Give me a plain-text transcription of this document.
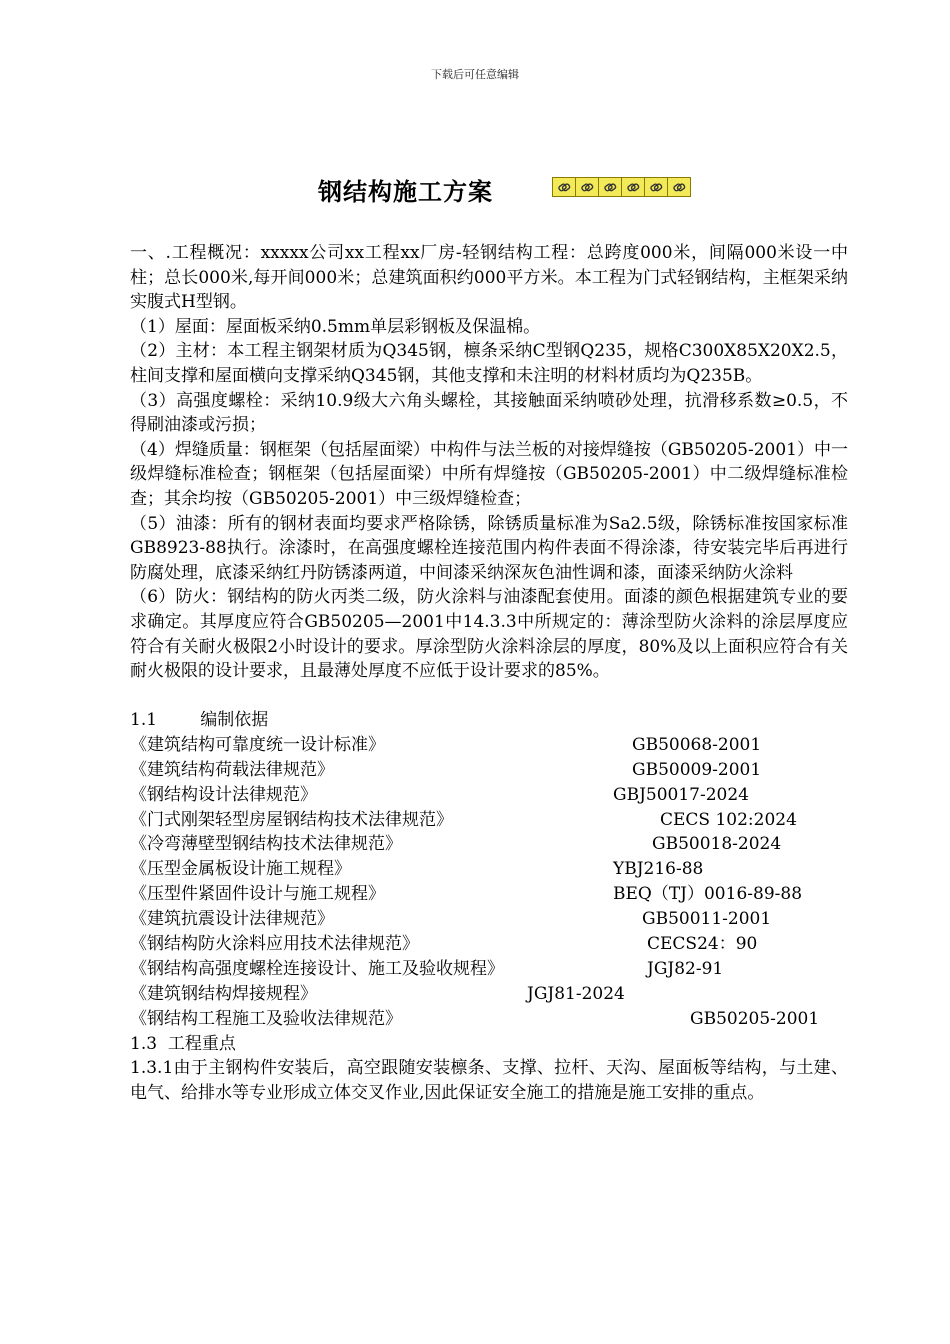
下载后可任意编辑
钢结构施工方案

一、.工程概况：xxxxx公司xx工程xx厂房-轻钢结构工程：总跨度000米，间隔000米设一中柱；总长000米,每开间000米；总建筑面积约000平方米。本工程为门式轻钢结构，主框架采纳实腹式H型钢。

（1）屋面：屋面板采纳0.5mm单层彩钢板及保温棉。

（2）主材：本工程主钢架材质为Q345钢，檩条采纳C型钢Q235，规格C300X85X20X2.5，柱间支撑和屋面横向支撑采纳Q345钢，其他支撑和未注明的材料材质均为Q235B。

（3）高强度螺栓：采纳10.9级大六角头螺栓，其接触面采纳喷砂处理，抗滑移系数≥0.5，不得刷油漆或污损；

（4）焊缝质量：钢框架（包括屋面梁）中构件与法兰板的对接焊缝按（GB50205-2001）中一级焊缝标准检查；钢框架（包括屋面梁）中所有焊缝按（GB50205-2001）中二级焊缝标准检查；其余均按（GB50205-2001）中三级焊缝检查；

（5）油漆：所有的钢材表面均要求严格除锈，除锈质量标准为Sa2.5级，除锈标准按国家标准GB8923-88执行。涂漆时，在高强度螺栓连接范围内构件表面不得涂漆，待安装完毕后再进行防腐处理，底漆采纳红丹防锈漆两道，中间漆采纳深灰色油性调和漆，面漆采纳防火涂料

（6）防火：钢结构的防火丙类二级，防火涂料与油漆配套使用。面漆的颜色根据建筑专业的要求确定。其厚度应符合GB50205—2001中14.3.3中所规定的：薄涂型防火涂料的涂层厚度应符合有关耐火极限2小时设计的要求。厚涂型防火涂料涂层的厚度，80%及以上面积应符合有关耐火极限的设计要求，且最薄处厚度不应低于设计要求的85%。

1.1        编制依据

《建筑结构可靠度统一设计标准》	GB50068-2001
《建筑结构荷载法律规范》	GB50009-2001
《钢结构设计法律规范》	GBJ50017-2024
《门式刚架轻型房屋钢结构技术法律规范》	CECS 102:2024
《冷弯薄壁型钢结构技术法律规范》	GB50018-2024
《压型金属板设计施工规程》	YBJ216-88
《压型件紧固件设计与施工规程》	BEQ（TJ）0016-89-88
《建筑抗震设计法律规范》	GB50011-2001
《钢结构防火涂料应用技术法律规范》	CECS24：90
《钢结构高强度螺栓连接设计、施工及验收规程》	JGJ82-91
《建筑钢结构焊接规程》	JGJ81-2024
《钢结构工程施工及验收法律规范》	GB50205-2001

1.3  工程重点

1.3.1由于主钢构件安装后，高空跟随安装檩条、支撑、拉杆、天沟、屋面板等结构，与土建、电气、给排水等专业形成立体交叉作业,因此保证安全施工的措施是施工安排的重点。
